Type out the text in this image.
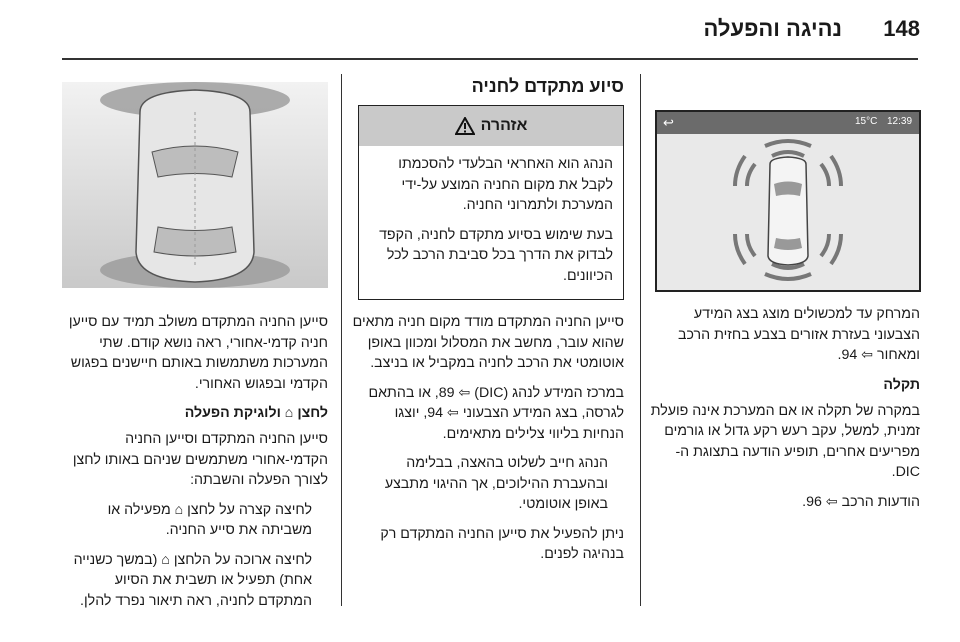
148
נהיגה והפעלה
↩	15°C 12:39

המרחק עד למכשולים מוצג בצג המידע הצבעוני בעזרת אזורים בצבע בחזית הרכב ומאחור ⇦ 94.

תקלה

במקרה של תקלה או אם המערכת אינה פועלת זמנית, למשל, עקב רעש רקע גדול או גורמים מפריעים אחרים, תופיע הודעה בתצוגת ה-DIC.

הודעות הרכב ⇦ 96.

סיוע מתקדם לחניה
אזהרה

הנהג הוא האחראי הבלעדי להסכמתו לקבל את מקום החניה המוצע על-ידי המערכת ולתמרוני החניה.

בעת שימוש בסיוע מתקדם לחניה, הקפד לבדוק את הדרך בכל סביבת הרכב לכל הכיוונים.

סייען החניה המתקדם מודד מקום חניה מתאים שהוא עובר, מחשב את המסלול ומכוון באופן אוטומטי את הרכב לחניה במקביל או בניצב.

במרכז המידע לנהג (DIC) ⇦ 89, או בהתאם לגרסה, בצג המידע הצבעוני ⇦ 94, יוצגו הנחיות בליווי צלילים מתאימים.

הנהג חייב לשלוט בהאצה, בבלימה ובהעברת ההילוכים, אך ההיגוי מתבצע באופן אוטומטי.

ניתן להפעיל את סייען החניה המתקדם רק בנהיגה לפנים.

סייען החניה המתקדם משולב תמיד עם סייען חניה קדמי-אחורי, ראה נושא קודם. שתי המערכות משתמשות באותם חיישנים בפגוש הקדמי ובפגוש האחורי.

לחצן ⌂ ולוגיקת הפעלה

סייען החניה המתקדם וסייען החניה הקדמי-אחורי משתמשים שניהם באותו לחצן לצורך הפעלה והשבתה:

לחיצה קצרה על לחצן ⌂ מפעילה או משביתה את סייע החניה.

לחיצה ארוכה על הלחצן ⌂ (במשך כשנייה אחת) תפעיל או תשבית את הסיוע המתקדם לחניה, ראה תיאור נפרד להלן.
